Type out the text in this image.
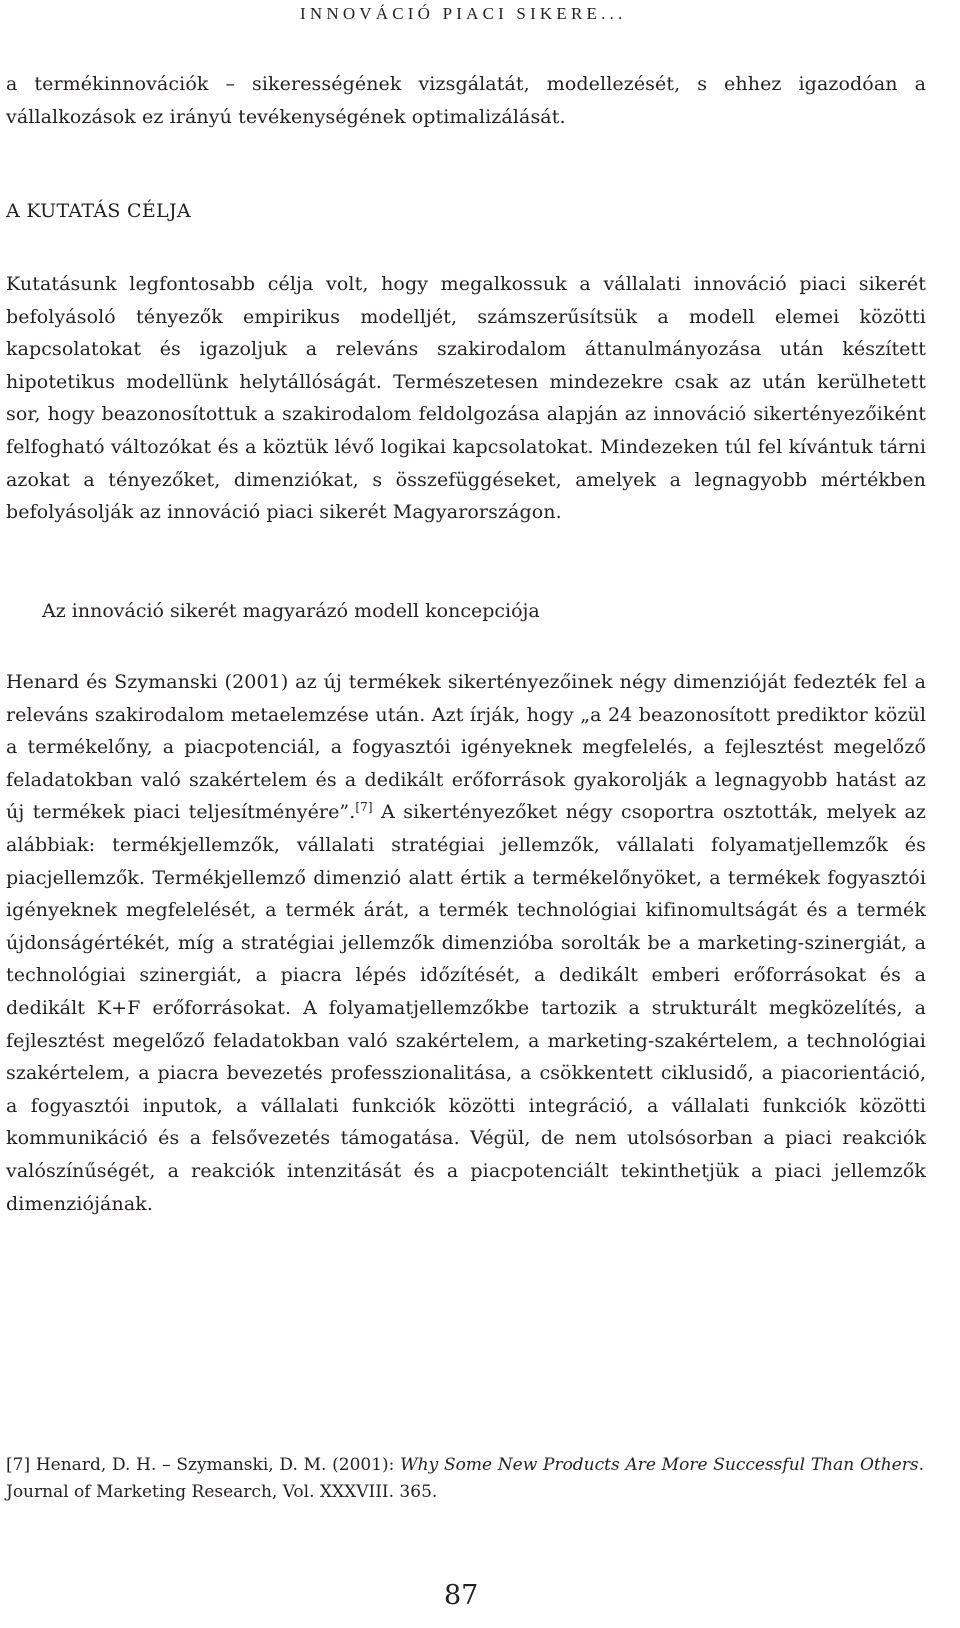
INNOVÁCIÓ PIACI SIKERE...

a termékinnovációk – sikerességének vizsgálatát, modellezését, s ehhez igazodóan a vállalkozások ez irányú tevékenységének optimalizálását.

A KUTATÁS CÉLJA

Kutatásunk legfontosabb célja volt, hogy megalkossuk a vállalati innováció piaci sikerét befolyásoló tényezők empirikus modelljét, számszerűsítsük a modell elemei közötti kapcsolatokat és igazoljuk a releváns szakirodalom áttanulmányozása után készített hipotetikus modellünk helytállóságát. Természetesen mindezekre csak az után kerülhetett sor, hogy beazonosítottuk a szakirodalom feldolgozása alapján az innováció sikertényezőiként felfogható változókat és a köztük lévő logikai kapcsolatokat. Mindezeken túl fel kívántuk tárni azokat a tényezőket, dimenziókat, s összefüggéseket, amelyek a legnagyobb mértékben befolyásolják az innováció piaci sikerét Magyarországon.

Az innováció sikerét magyarázó modell koncepciója

Henard és Szymanski (2001) az új termékek sikertényezőinek négy dimenzióját fedezték fel a releváns szakirodalom metaelemzése után. Azt írják, hogy „a 24 beazonosított prediktor közül a termékelőny, a piacpotenciál, a fogyasztói igényeknek megfelelés, a fejlesztést megelőző feladatokban való szakértelem és a dedikált erőforrások gyakorolják a legnagyobb hatást az új termékek piaci teljesítményére”.[7] A sikertényezőket négy csoportra osztották, melyek az alábbiak: termékjellemzők, vállalati stratégiai jellemzők, vállalati folyamatjellemzők és piacjellemzők. Termékjellemző dimenzió alatt értik a termékelőnyöket, a termékek fogyasztói igényeknek megfelelését, a termék árát, a termék technológiai kifinomultságát és a termék újdonságértékét, míg a stratégiai jellemzők dimenzióba sorolták be a marketing-szinergiát, a technológiai szinergiát, a piacra lépés időzítését, a dedikált emberi erőforrásokat és a dedikált K+F erőforrásokat. A folyamatjellemzőkbe tartozik a strukturált megközelítés, a fejlesztést megelőző feladatokban való szakértelem, a marketing-szakértelem, a technológiai szakértelem, a piacra bevezetés professzionalitása, a csökkentett ciklusidő, a piacorientáció, a fogyasztói inputok, a vállalati funkciók közötti integráció, a vállalati funkciók közötti kommunikáció és a felsővezetés támogatása. Végül, de nem utolsósorban a piaci reakciók valószínűségét, a reakciók intenzitását és a piacpotenciált tekinthetjük a piaci jellemzők dimenziójának.

[7] Henard, D. H. – Szymanski, D. M. (2001): Why Some New Products Are More Successful Than Others. Journal of Marketing Research, Vol. XXXVIII. 365.

87
